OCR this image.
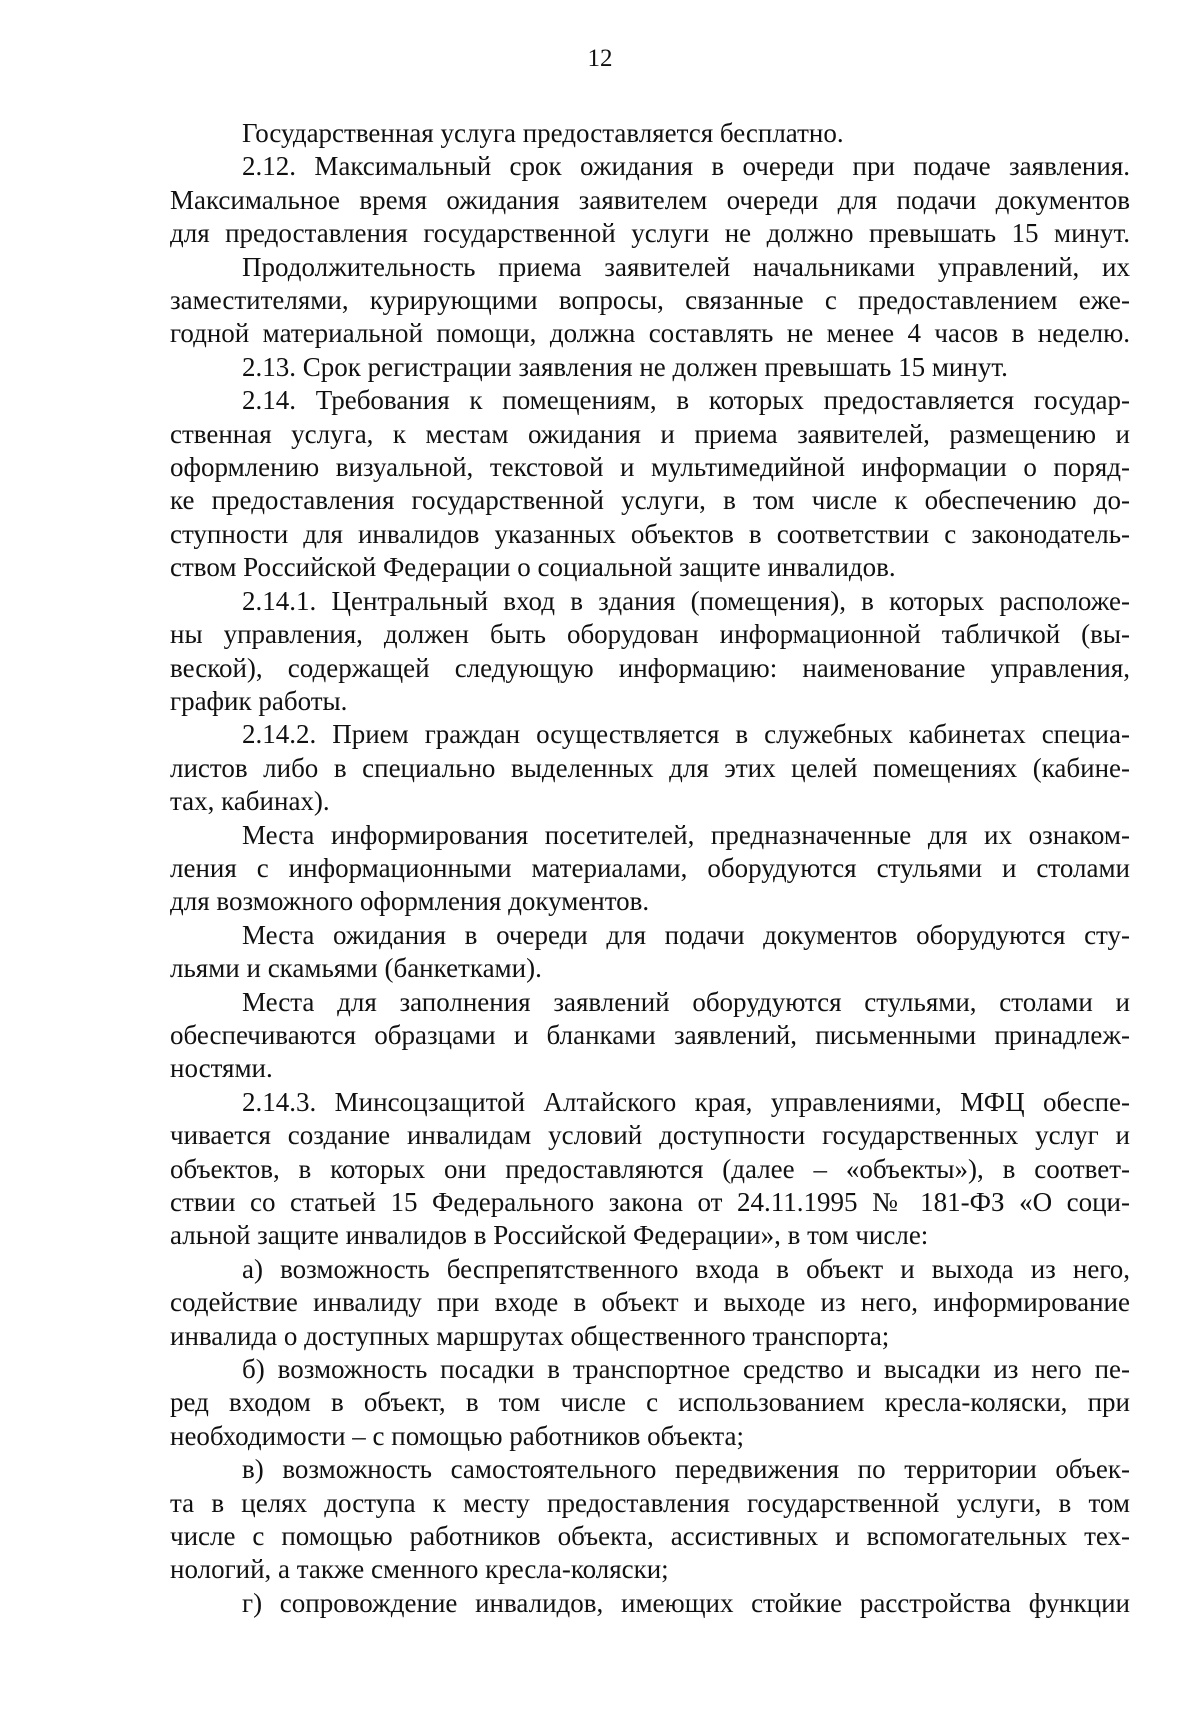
12

Государственная услуга предоставляется бесплатно.

2.12. Максимальный срок ожидания в очереди при подаче заявления.
Максимальное время ожидания заявителем очереди для подачи документов
для предоставления государственной услуги не должно превышать 15 минут.

Продолжительность приема заявителей начальниками управлений, их
заместителями, курирующими вопросы, связанные с предоставлением еже-
годной материальной помощи, должна составлять не менее 4 часов в неделю.

2.13. Срок регистрации заявления не должен превышать 15 минут.

2.14. Требования к помещениям, в которых предоставляется государ-
ственная услуга, к местам ожидания и приема заявителей, размещению и
оформлению визуальной, текстовой и мультимедийной информации о поряд-
ке предоставления государственной услуги, в том числе к обеспечению до-
ступности для инвалидов указанных объектов в соответствии с законодатель-
ством Российской Федерации о социальной защите инвалидов.

2.14.1. Центральный вход в здания (помещения), в которых расположе-
ны управления, должен быть оборудован информационной табличкой (вы-
веской), содержащей следующую информацию: наименование управления,
график работы.

2.14.2. Прием граждан осуществляется в служебных кабинетах специа-
листов либо в специально выделенных для этих целей помещениях (кабине-
тах, кабинах).

Места информирования посетителей, предназначенные для их ознаком-
ления с информационными материалами, оборудуются стульями и столами
для возможного оформления документов.

Места ожидания в очереди для подачи документов оборудуются сту-
льями и скамьями (банкетками).

Места для заполнения заявлений оборудуются стульями, столами и
обеспечиваются образцами и бланками заявлений, письменными принадлеж-
ностями.

2.14.3. Минсоцзащитой Алтайского края, управлениями, МФЦ обеспе-
чивается создание инвалидам условий доступности государственных услуг и
объектов, в которых они предоставляются (далее – «объекты»), в соответ-
ствии со статьей 15 Федерального закона от 24.11.1995 № 181-ФЗ «О соци-
альной защите инвалидов в Российской Федерации», в том числе:

а) возможность беспрепятственного входа в объект и выхода из него,
содействие инвалиду при входе в объект и выходе из него, информирование
инвалида о доступных маршрутах общественного транспорта;

б) возможность посадки в транспортное средство и высадки из него пе-
ред входом в объект, в том числе с использованием кресла-коляски, при
необходимости – с помощью работников объекта;

в) возможность самостоятельного передвижения по территории объек-
та в целях доступа к месту предоставления государственной услуги, в том
числе с помощью работников объекта, ассистивных и вспомогательных тех-
нологий, а также сменного кресла-коляски;

г) сопровождение инвалидов, имеющих стойкие расстройства функции
